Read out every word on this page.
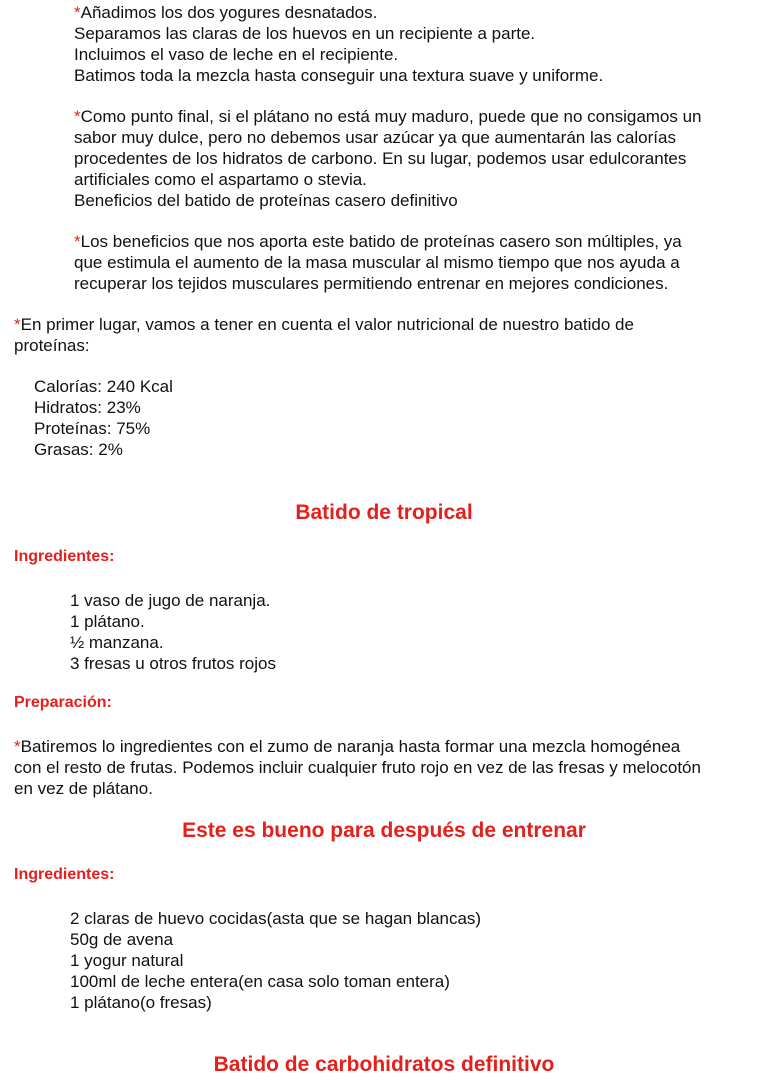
*Añadimos los dos yogures desnatados.
Separamos las claras de los huevos en un recipiente a parte.
Incluimos el vaso de leche en el recipiente.
Batimos toda la mezcla hasta conseguir una textura suave y uniforme.
*Como punto final, si el plátano no está muy maduro, puede que no consigamos un
sabor muy dulce, pero no debemos usar azúcar ya que aumentarán las calorías
procedentes de los hidratos de carbono. En su lugar, podemos usar edulcorantes
artificiales como el aspartamo o stevia.
Beneficios del batido de proteínas casero definitivo
*Los beneficios que nos aporta este batido de proteínas casero son múltiples, ya
que estimula el aumento de la masa muscular al mismo tiempo que nos ayuda a
recuperar los tejidos musculares permitiendo entrenar en mejores condiciones.
*En primer lugar, vamos a tener en cuenta el valor nutricional de nuestro batido de
proteínas:
Calorías: 240 Kcal
Hidratos: 23%
Proteínas: 75%
Grasas: 2%
Batido de tropical
Ingredientes:
1 vaso de jugo de naranja.
1 plátano.
½ manzana.
3 fresas u otros frutos rojos
Preparación:
*Batiremos lo ingredientes con el zumo de naranja hasta formar una mezcla homogénea
con el resto de frutas. Podemos incluir cualquier fruto rojo en vez de las fresas y melocotón
en vez de plátano.
Este es bueno para después de entrenar
Ingredientes:
2 claras de huevo cocidas(asta que se hagan blancas)
50g de avena
1 yogur natural
100ml de leche entera(en casa solo toman entera)
1 plátano(o fresas)
Batido de carbohidratos definitivo
